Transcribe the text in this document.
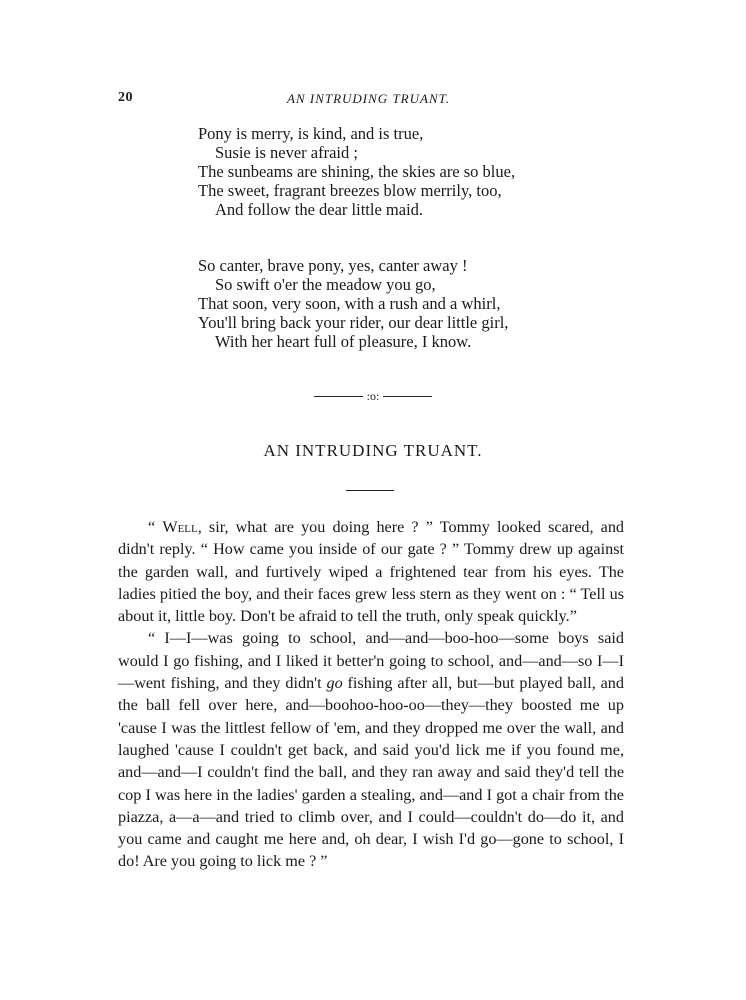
20	AN INTRUDING TRUANT.
Pony is merry, is kind, and is true,
Susie is never afraid ;
The sunbeams are shining, the skies are so blue,
The sweet, fragrant breezes blow merrily, too,
And follow the dear little maid.
So canter, brave pony, yes, canter away !
So swift o'er the meadow you go,
That soon, very soon, with a rush and a whirl,
You'll bring back your rider, our dear little girl,
With her heart full of pleasure, I know.
:o:
AN INTRUDING TRUANT.

“ Well, sir, what are you doing here ? ” Tommy looked scared, and didn't reply. “ How came you inside of our gate ? ” Tommy drew up against the garden wall, and furtively wiped a frightened tear from his eyes. The ladies pitied the boy, and their faces grew less stern as they went on : “ Tell us about it, little boy. Don't be afraid to tell the truth, only speak quickly.”

“ I—I—was going to school, and—and—boo-hoo—some boys said would I go fishing, and I liked it better'n going to school, and—and—so I—I—went fishing, and they didn't go fishing after all, but—but played ball, and the ball fell over here, and—boohoo-hoo-oo—they—they boosted me up 'cause I was the littlest fellow of 'em, and they dropped me over the wall, and laughed 'cause I couldn't get back, and said you'd lick me if you found me, and—and—I couldn't find the ball, and they ran away and said they'd tell the cop I was here in the ladies' garden a stealing, and—and I got a chair from the piazza, a—a—and tried to climb over, and I could—couldn't do—do it, and you came and caught me here and, oh dear, I wish I'd go—gone to school, I do! Are you going to lick me ? ”
